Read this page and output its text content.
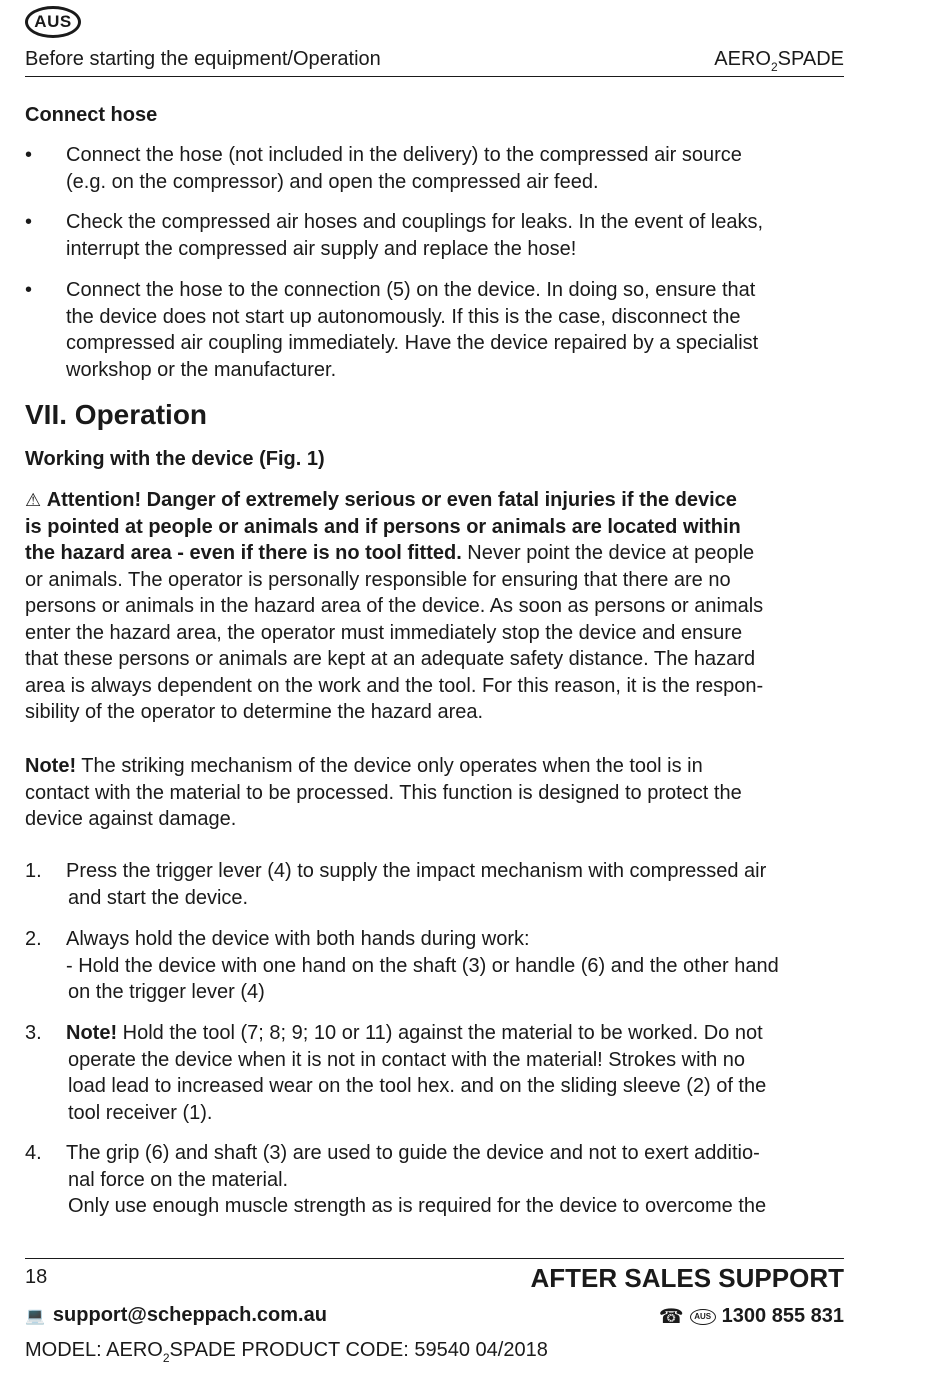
AUS
Before starting the equipment/Operation	$AERO_2SPADE$
Connect hose
• Connect the hose (not included in the delivery) to the compressed air source
(e.g. on the compressor) and open the compressed air feed.
• Check the compressed air hoses and couplings for leaks. In the event of leaks,
interrupt the compressed air supply and replace the hose!
• Connect the hose to the connection (5) on the device. In doing so, ensure that
the device does not start up autonomously. If this is the case, disconnect the
compressed air coupling immediately. Have the device repaired by a specialist
workshop or the manufacturer.
VII. Operation
Working with the device (Fig. 1)
⚠ Attention! Danger of extremely serious or even fatal injuries if the device
is pointed at people or animals and if persons or animals are located within
the hazard area - even if there is no tool fitted. Never point the device at people
or animals. The operator is personally responsible for ensuring that there are no
persons or animals in the hazard area of the device. As soon as persons or animals
enter the hazard area, the operator must immediately stop the device and ensure
that these persons or animals are kept at an adequate safety distance. The hazard
area is always dependent on the work and the tool. For this reason, it is the respon-
sibility of the operator to determine the hazard area.
Note! The striking mechanism of the device only operates when the tool is in
contact with the material to be processed. This function is designed to protect the
device against damage.
1. Press the trigger lever (4) to supply the impact mechanism with compressed air
and start the device.
2. Always hold the device with both hands during work:
- Hold the device with one hand on the shaft (3) or handle (6) and the other hand
on the trigger lever (4)
3. Note! Hold the tool (7; 8; 9; 10 or 11) against the material to be worked. Do not
operate the device when it is not in contact with the material! Strokes with no
load lead to increased wear on the tool hex. and on the sliding sleeve (2) of the
tool receiver (1).
4. The grip (6) and shaft (3) are used to guide the device and not to exert additio-
nal force on the material.
Only use enough muscle strength as is required for the device to overcome the
18	AFTER SALES SUPPORT
💻 support@scheppach.com.au	☎	AUS 1300 855 831
MODEL: $AERO_2SPADE$ PRODUCT CODE: 59540 04/2018
